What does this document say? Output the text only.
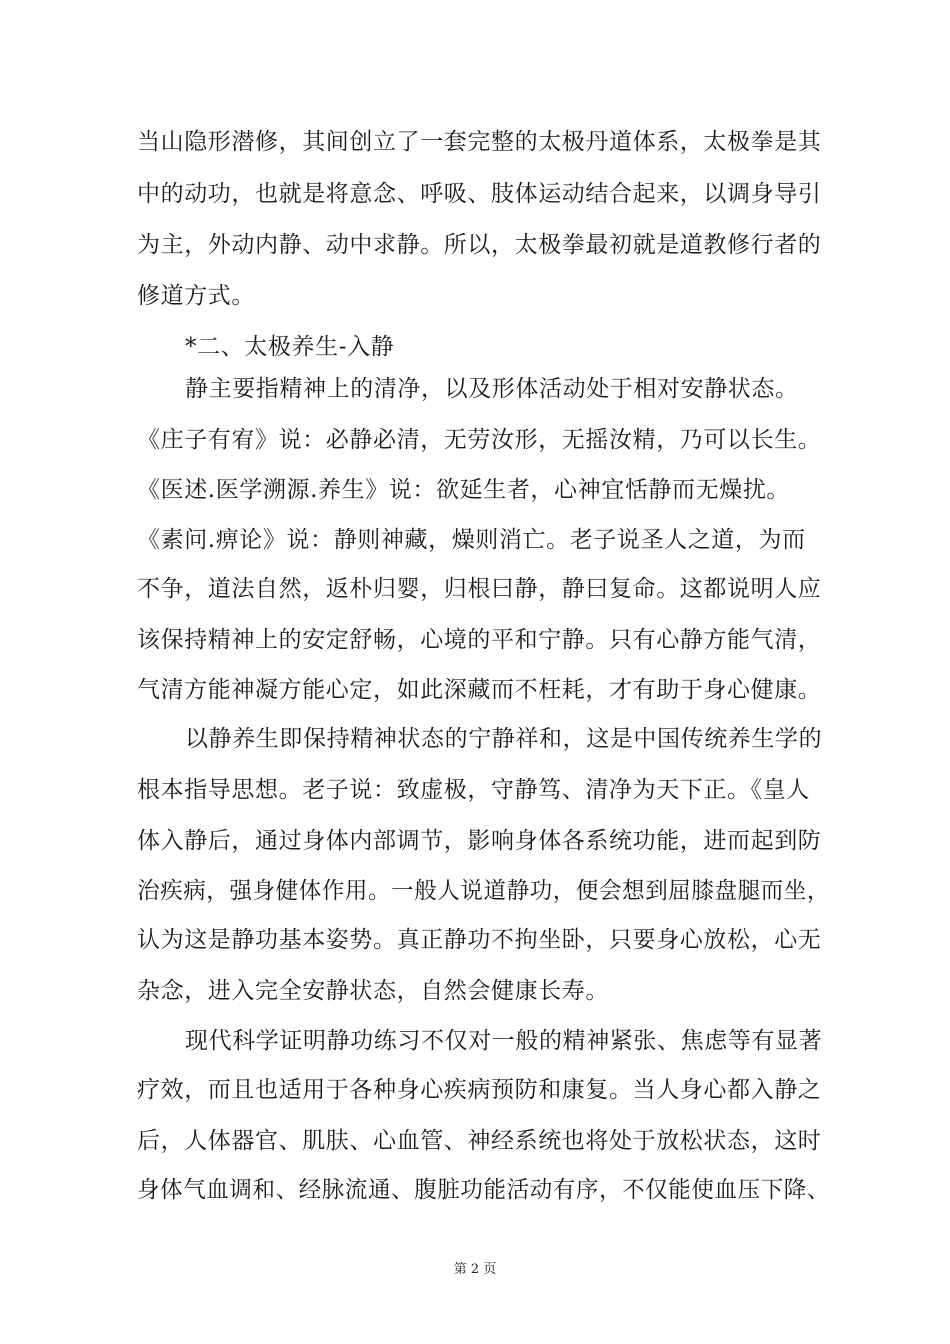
当山隐形潜修，其间创立了一套完整的太极丹道体系，太极拳是其
中的动功，也就是将意念、呼吸、肢体运动结合起来，以调身导引
为主，外动内静、动中求静。所以，太极拳最初就是道教修行者的
修道方式。
*二、太极养生-入静
静主要指精神上的清净，以及形体活动处于相对安静状态。
《庄子有宥》说：必静必清，无劳汝形，无摇汝精，乃可以长生。
《医述.医学溯源.养生》说：欲延生者，心神宜恬静而无燥扰。
《素问.痹论》说：静则神藏，燥则消亡。老子说圣人之道，为而
不争，道法自然，返朴归婴，归根曰静，静曰复命。这都说明人应
该保持精神上的安定舒畅，心境的平和宁静。只有心静方能气清，
气清方能神凝方能心定，如此深藏而不枉耗，才有助于身心健康。
以静养生即保持精神状态的宁静祥和，这是中国传统养生学的
根本指导思想。老子说：致虚极，守静笃、清净为天下正。《皇人
体入静后，通过身体内部调节，影响身体各系统功能，进而起到防
治疾病，强身健体作用。一般人说道静功，便会想到屈膝盘腿而坐，
认为这是静功基本姿势。真正静功不拘坐卧，只要身心放松，心无
杂念，进入完全安静状态，自然会健康长寿。
现代科学证明静功练习不仅对一般的精神紧张、焦虑等有显著
疗效，而且也适用于各种身心疾病预防和康复。当人身心都入静之
后，人体器官、肌肤、心血管、神经系统也将处于放松状态，这时
身体气血调和、经脉流通、腹脏功能活动有序，不仅能使血压下降、
第 2 页
